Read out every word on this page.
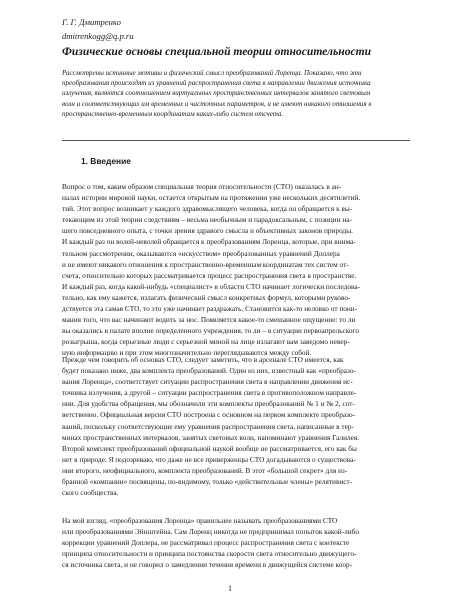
Г. Г. Дмитренко
dmitrenkogg@q.p.ru
Физические основы специальной теории относительности
Рассмотрены истинные мотивы и физический смысл преобразований Лоренца. Показано, что эти
преобразования происходят из уравнений распространения света в направлении движения источника
излучения, являются соотношением виртуальных пространственных интервалов занятого световым
волн и соответствующих им временных и частотных параметров, и не имеют никакого отношения к
пространственно-временным координатам каких-либо систем отсчета.
1. Введение
Вопрос о том, каким образом специальная теория относительности (СТО) оказалась в ан-
налах истории мировой науки, остается открытым на протяжении уже нескольких десятилетий.
тий. Этот вопрос возникает у каждого здравомыслящего человека, когда он обращается к вы-
текающим из этой теории следствиям – весьма необычным и парадоксальным, с позиции на-
шего повседневного опыта, с точки зрения здравого смысла и объективных законов природы.
И каждый раз он волей-неволей обращается к преобразованиям Лоренца, которые, при внима-
тельном рассмотрении, оказываются «искусством» преобразованных уравнений Доплера
и не имеют никакого отношения к пространственно-временным координатам тех систем от-
счета, относительно которых рассматривается процесс распространения света в пространстве.
И каждый раз, когда какой-нибудь «специалист» в области СТО начинает логически последова-
тельно, как ему кажется, излагать физический смысл конкретных формул, которыми руково-
дствуется эта самая СТО, то это уже начинает раздражать. Становится как-то неловко от пони-
мания того, что вас начинают водить за нос. Появляется какое-то смешанное ощущение: то ли
вы оказались в палате вполне определенного учреждения, то ли – в ситуации первоапрельского
розыгрыша, когда серьезные люди с серьезной миной на лице излагают вам заведомо невер-
ную информацию и при этом многозначительно переглядываются между собой.
Прежде чем говорить об основах СТО, следует заметить, что в арсенале СТО имеется, как
будет показано ниже, два комплекта преобразований. Один из них, известный как «преобразо-
вания Лоренца», соответствует ситуации распространения света в направлении движения ис-
точника излучения, а другой – ситуации распространения света в противоположном направле-
нии. Для удобства обращения, мы обозначили эти комплекты преобразований № 1 и № 2, сот-
ветственно. Официальная версия СТО построена с основном на первом комплекте преобразо-
ваний, поскольку соответствующие ему уравнения распространения света, написанные в тер-
минах пространственных интервалов, занятых световых волн, напоминают уравнения Галилея.
Второй комплект преобразований официальной наукой вообще не рассматривается, его как бы
нет в природе. Я подозреваю, что даже не все приверженцы СТО догадываются о существова-
нии второго, неофициального, комплекта преобразований. В этот «большой секрет» для из-
бранной «компании» посвящены, по-видимому, только «действительные члены» релятивист-
ского сообщества.
На мой взгляд, «преобразования Лоренца» правильнее называть преобразованиями СТО
или преобразованиями Эйнштейна. Сам Лоренц никогда не предпринимал попыток какой-либо
коррекции уравнений Доплера, не рассматривал процесс распространения света с контексте
принципа относительности и принципа постоянства скорости света относительно движущего-
ся источника света, и не говорил о замедлении течения времени в движущейся системе коор-
1
